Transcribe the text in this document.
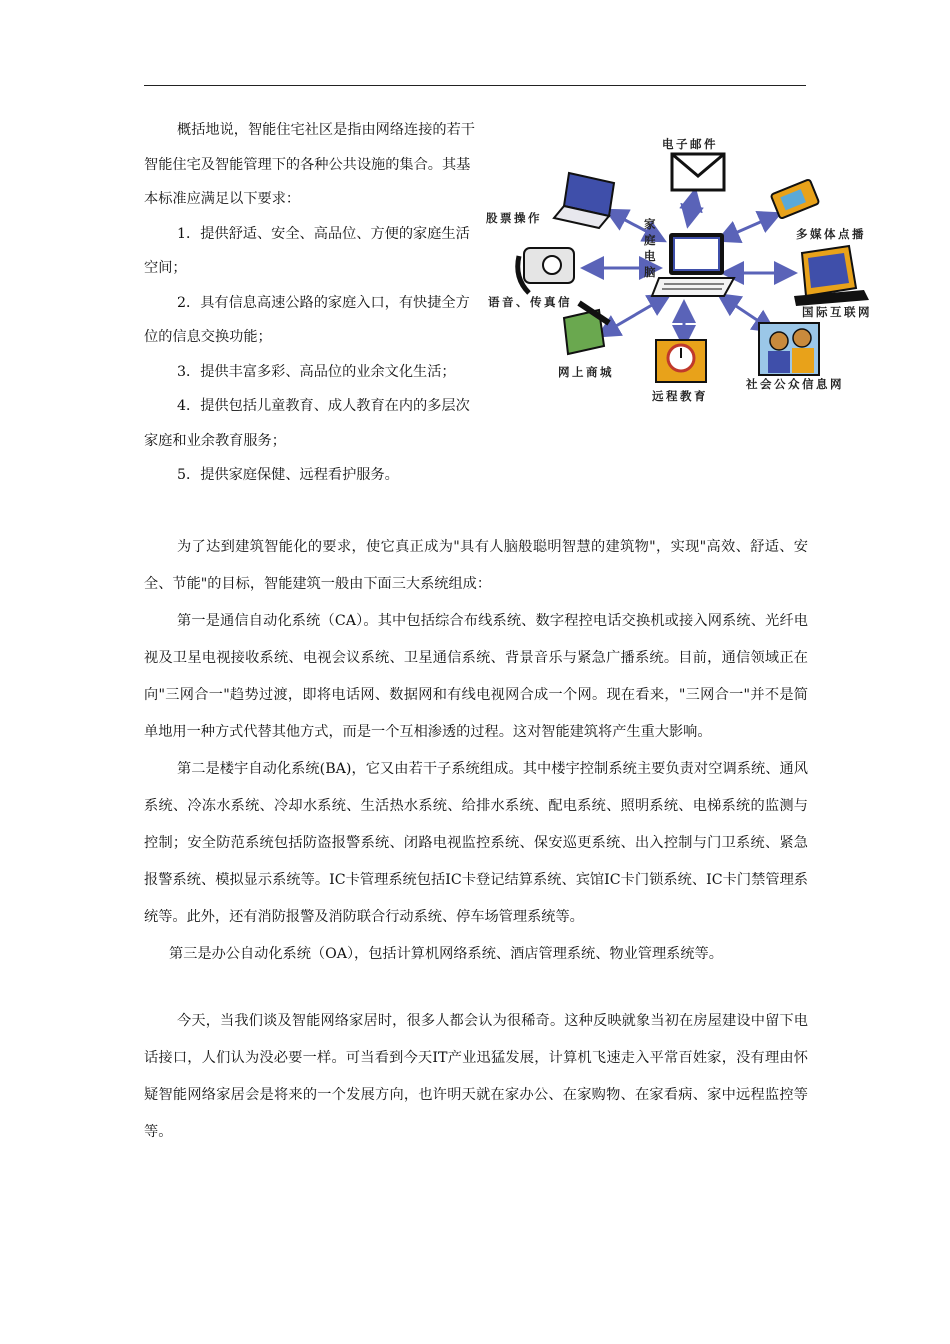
概括地说，智能住宅社区是指由网络连接的若干智能住宅及智能管理下的各种公共设施的集合。其基本标准应满足以下要求：

1．提供舒适、安全、高品位、方便的家庭生活空间；

2．具有信息高速公路的家庭入口，有快捷全方位的信息交换功能；

3．提供丰富多彩、高品位的业余文化生活；

4．提供包括儿童教育、成人教育在内的多层次家庭和业余教育服务；

5．提供家庭保健、远程看护服务。

电子邮件
股票操作
多媒体点播
语音、传真信
国际互联网
网上商城
远程教育
社会公众信息网
家庭电脑

为了达到建筑智能化的要求，使它真正成为"具有人脑般聪明智慧的建筑物"，实现"高效、舒适、安全、节能"的目标，智能建筑一般由下面三大系统组成：

第一是通信自动化系统（CA）。其中包括综合布线系统、数字程控电话交换机或接入网系统、光纤电视及卫星电视接收系统、电视会议系统、卫星通信系统、背景音乐与紧急广播系统。目前，通信领域正在向"三网合一"趋势过渡，即将电话网、数据网和有线电视网合成一个网。现在看来，"三网合一"并不是简单地用一种方式代替其他方式，而是一个互相渗透的过程。这对智能建筑将产生重大影响。

第二是楼宇自动化系统(BA)，它又由若干子系统组成。其中楼宇控制系统主要负责对空调系统、通风系统、冷冻水系统、冷却水系统、生活热水系统、给排水系统、配电系统、照明系统、电梯系统的监测与控制；安全防范系统包括防盗报警系统、闭路电视监控系统、保安巡更系统、出入控制与门卫系统、紧急报警系统、模拟显示系统等。IC卡管理系统包括IC卡登记结算系统、宾馆IC卡门锁系统、IC卡门禁管理系统等。此外，还有消防报警及消防联合行动系统、停车场管理系统等。

第三是办公自动化系统（OA），包括计算机网络系统、酒店管理系统、物业管理系统等。

今天，当我们谈及智能网络家居时，很多人都会认为很稀奇。这种反映就象当初在房屋建设中留下电话接口，人们认为没必要一样。可当看到今天IT产业迅猛发展，计算机飞速走入平常百姓家，没有理由怀疑智能网络家居会是将来的一个发展方向，也许明天就在家办公、在家购物、在家看病、家中远程监控等等。
